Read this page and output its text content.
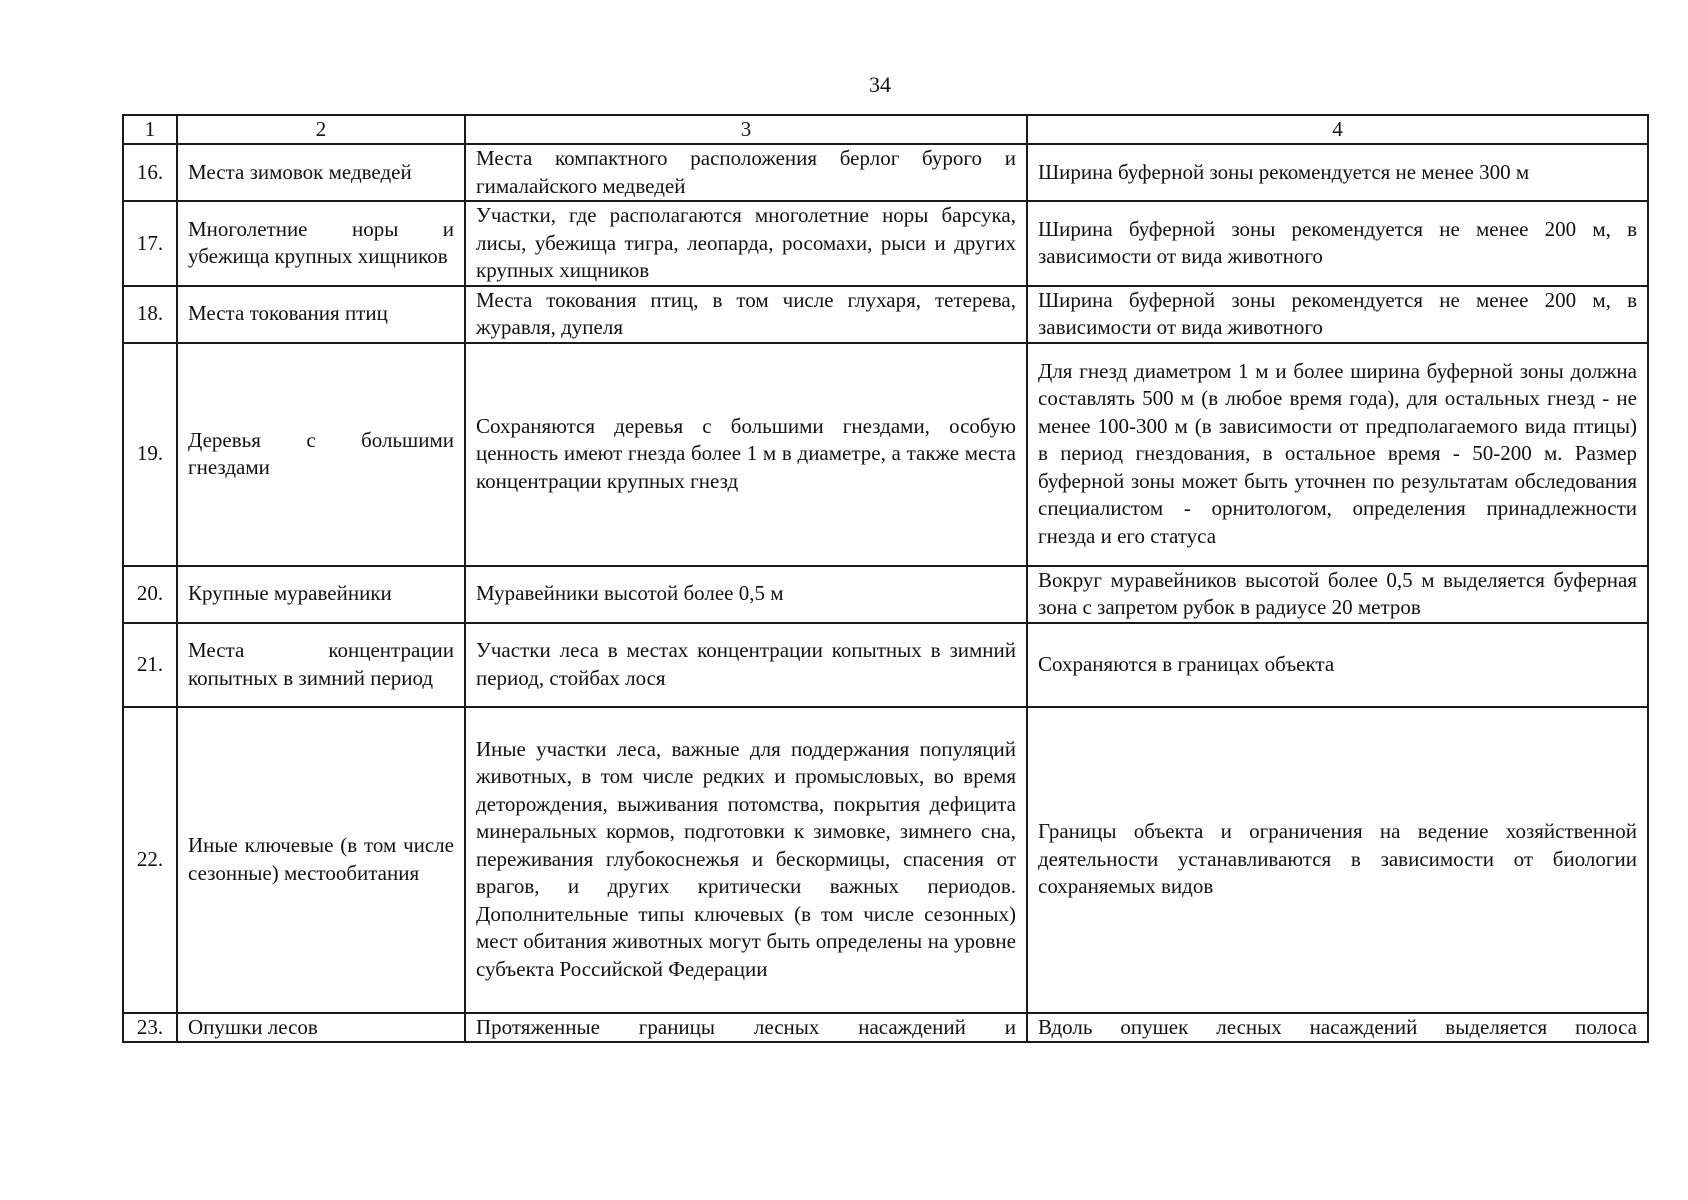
34
1	2	3	4
16.	Места зимовок медведей	Места компактного расположения берлог бурого и гималайского медведей	Ширина буферной зоны рекомендуется не менее 300 м
17.	Многолетние норы и убежища крупных хищников	Участки, где располагаются многолетние норы барсука, лисы, убежища тигра, леопарда, росомахи, рыси и других крупных хищников	Ширина буферной зоны рекомендуется не менее 200 м, в зависимости от вида животного
18.	Места токования птиц	Места токования птиц, в том числе глухаря, тетерева, журавля, дупеля	Ширина буферной зоны рекомендуется не менее 200 м, в зависимости от вида животного
19.	Деревья с большими гнездами	Сохраняются деревья с большими гнездами, особую ценность имеют гнезда более 1 м в диаметре, а также места концентрации крупных гнезд	Для гнезд диаметром 1 м и более ширина буферной зоны должна составлять 500 м (в любое время года), для остальных гнезд - не менее 100-300 м (в зависимости от предполагаемого вида птицы) в период гнездования, в остальное время - 50-200 м. Размер буферной зоны может быть уточнен по результатам обследования специалистом - орнитологом, определения принадлежности гнезда и его статуса
20.	Крупные муравейники	Муравейники высотой более 0,5 м	Вокруг муравейников высотой более 0,5 м выделяется буферная зона с запретом рубок в радиусе 20 метров
21.	Места концентрации копытных в зимний период	Участки леса в местах концентрации копытных в зимний период, стойбах лося	Сохраняются в границах объекта
22.	Иные ключевые (в том числе сезонные) местообитания	Иные участки леса, важные для поддержания популяций животных, в том числе редких и промысловых, во время деторождения, выживания потомства, покрытия дефицита минеральных кормов, подготовки к зимовке, зимнего сна, переживания глубокоснежья и бескормицы, спасения от врагов, и других критически важных периодов. Дополнительные типы ключевых (в том числе сезонных) мест обитания животных могут быть определены на уровне субъекта Российской Федерации	Границы объекта и ограничения на ведение хозяйственной деятельности устанавливаются в зависимости от биологии сохраняемых видов
23.	Опушки лесов	Протяженные границы лесных насаждений и	Вдоль опушек лесных насаждений выделяется полоса
